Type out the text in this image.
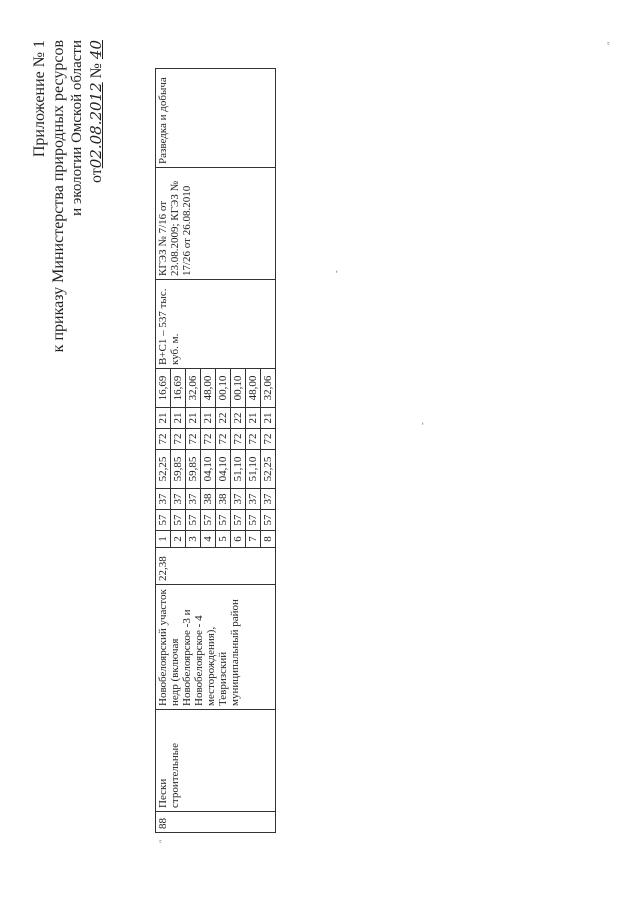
Приложение № 1 к приказу Министерства природных ресурсов и экологии Омской области от02.08.2012 № 40
88	Пески строительные	Новобелоярский участок недр (включая Новобелоярское -3 и Новобелоярское - 4 месторождения), Тевризский муниципальный район	22,38	1	57	37	52,25	72	21	16,69	B+C1 – 537 тыс. куб. м.	КГЭЗ № 7/16 от 23.08.2009; КГЭЗ № 17/26 от 26.08.2010	Разведка и добыча
				2	57	37	59,85	72	21	16,69			
				3	57	37	59,85	72	21	32,06			
				4	57	38	04,10	72	21	48,00			
				5	57	38	04,10	72	22	00,10			
				6	57	37	51,10	72	22	00,10			
				7	57	37	51,10	72	21	48,00			
				8	57	37	52,25	72	21	32,06			
"
"
-
-
